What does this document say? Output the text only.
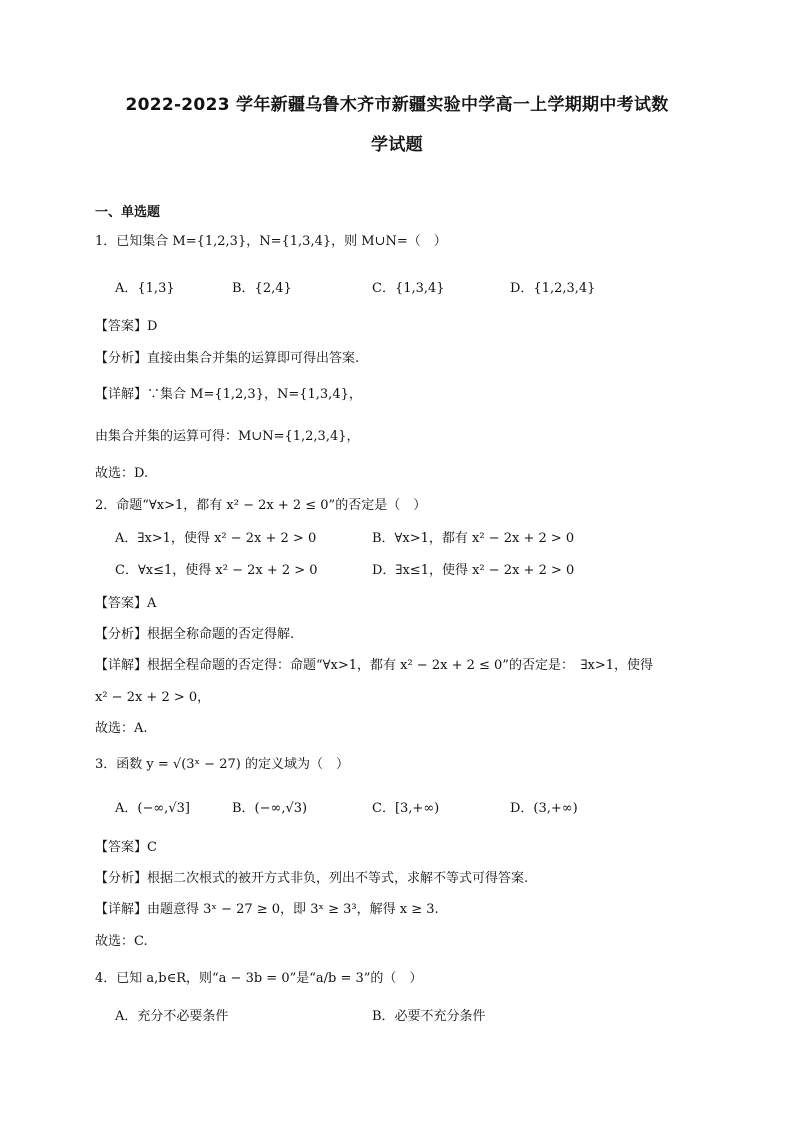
2022-2023 学年新疆乌鲁木齐市新疆实验中学高一上学期期中考试数
学试题
一、单选题
1．已知集合 M={1,2,3}，N={1,3,4}，则 M∪N=（　）
A．{1,3}	B．{2,4}	C．{1,3,4}	D．{1,2,3,4}
【答案】D
【分析】直接由集合并集的运算即可得出答案.
【详解】∵集合 M={1,2,3}，N={1,3,4}，
由集合并集的运算可得：M∪N={1,2,3,4}，
故选：D.
2．命题“∀x>1，都有 x² − 2x + 2 ≤ 0”的否定是（　）
A．∃x>1，使得 x² − 2x + 2 > 0	B．∀x>1，都有 x² − 2x + 2 > 0
C．∀x≤1，使得 x² − 2x + 2 > 0	D．∃x≤1，使得 x² − 2x + 2 > 0
【答案】A
【分析】根据全称命题的否定得解.
【详解】根据全程命题的否定得：命题“∀x>1，都有 x² − 2x + 2 ≤ 0”的否定是：　∃x>1，使得
x² − 2x + 2 > 0，
故选：A.
3．函数 y = √(3ˣ − 27) 的定义域为（　）
A．(−∞,√3]	B．(−∞,√3)	C．[3,+∞)	D．(3,+∞)
【答案】C
【分析】根据二次根式的被开方式非负，列出不等式，求解不等式可得答案.
【详解】由题意得 3ˣ − 27 ≥ 0，即 3ˣ ≥ 3³，解得 x ≥ 3.
故选：C.
4．已知 a,b∈R，则“a − 3b = 0”是“a/b = 3”的（　）
A．充分不必要条件	B．必要不充分条件
